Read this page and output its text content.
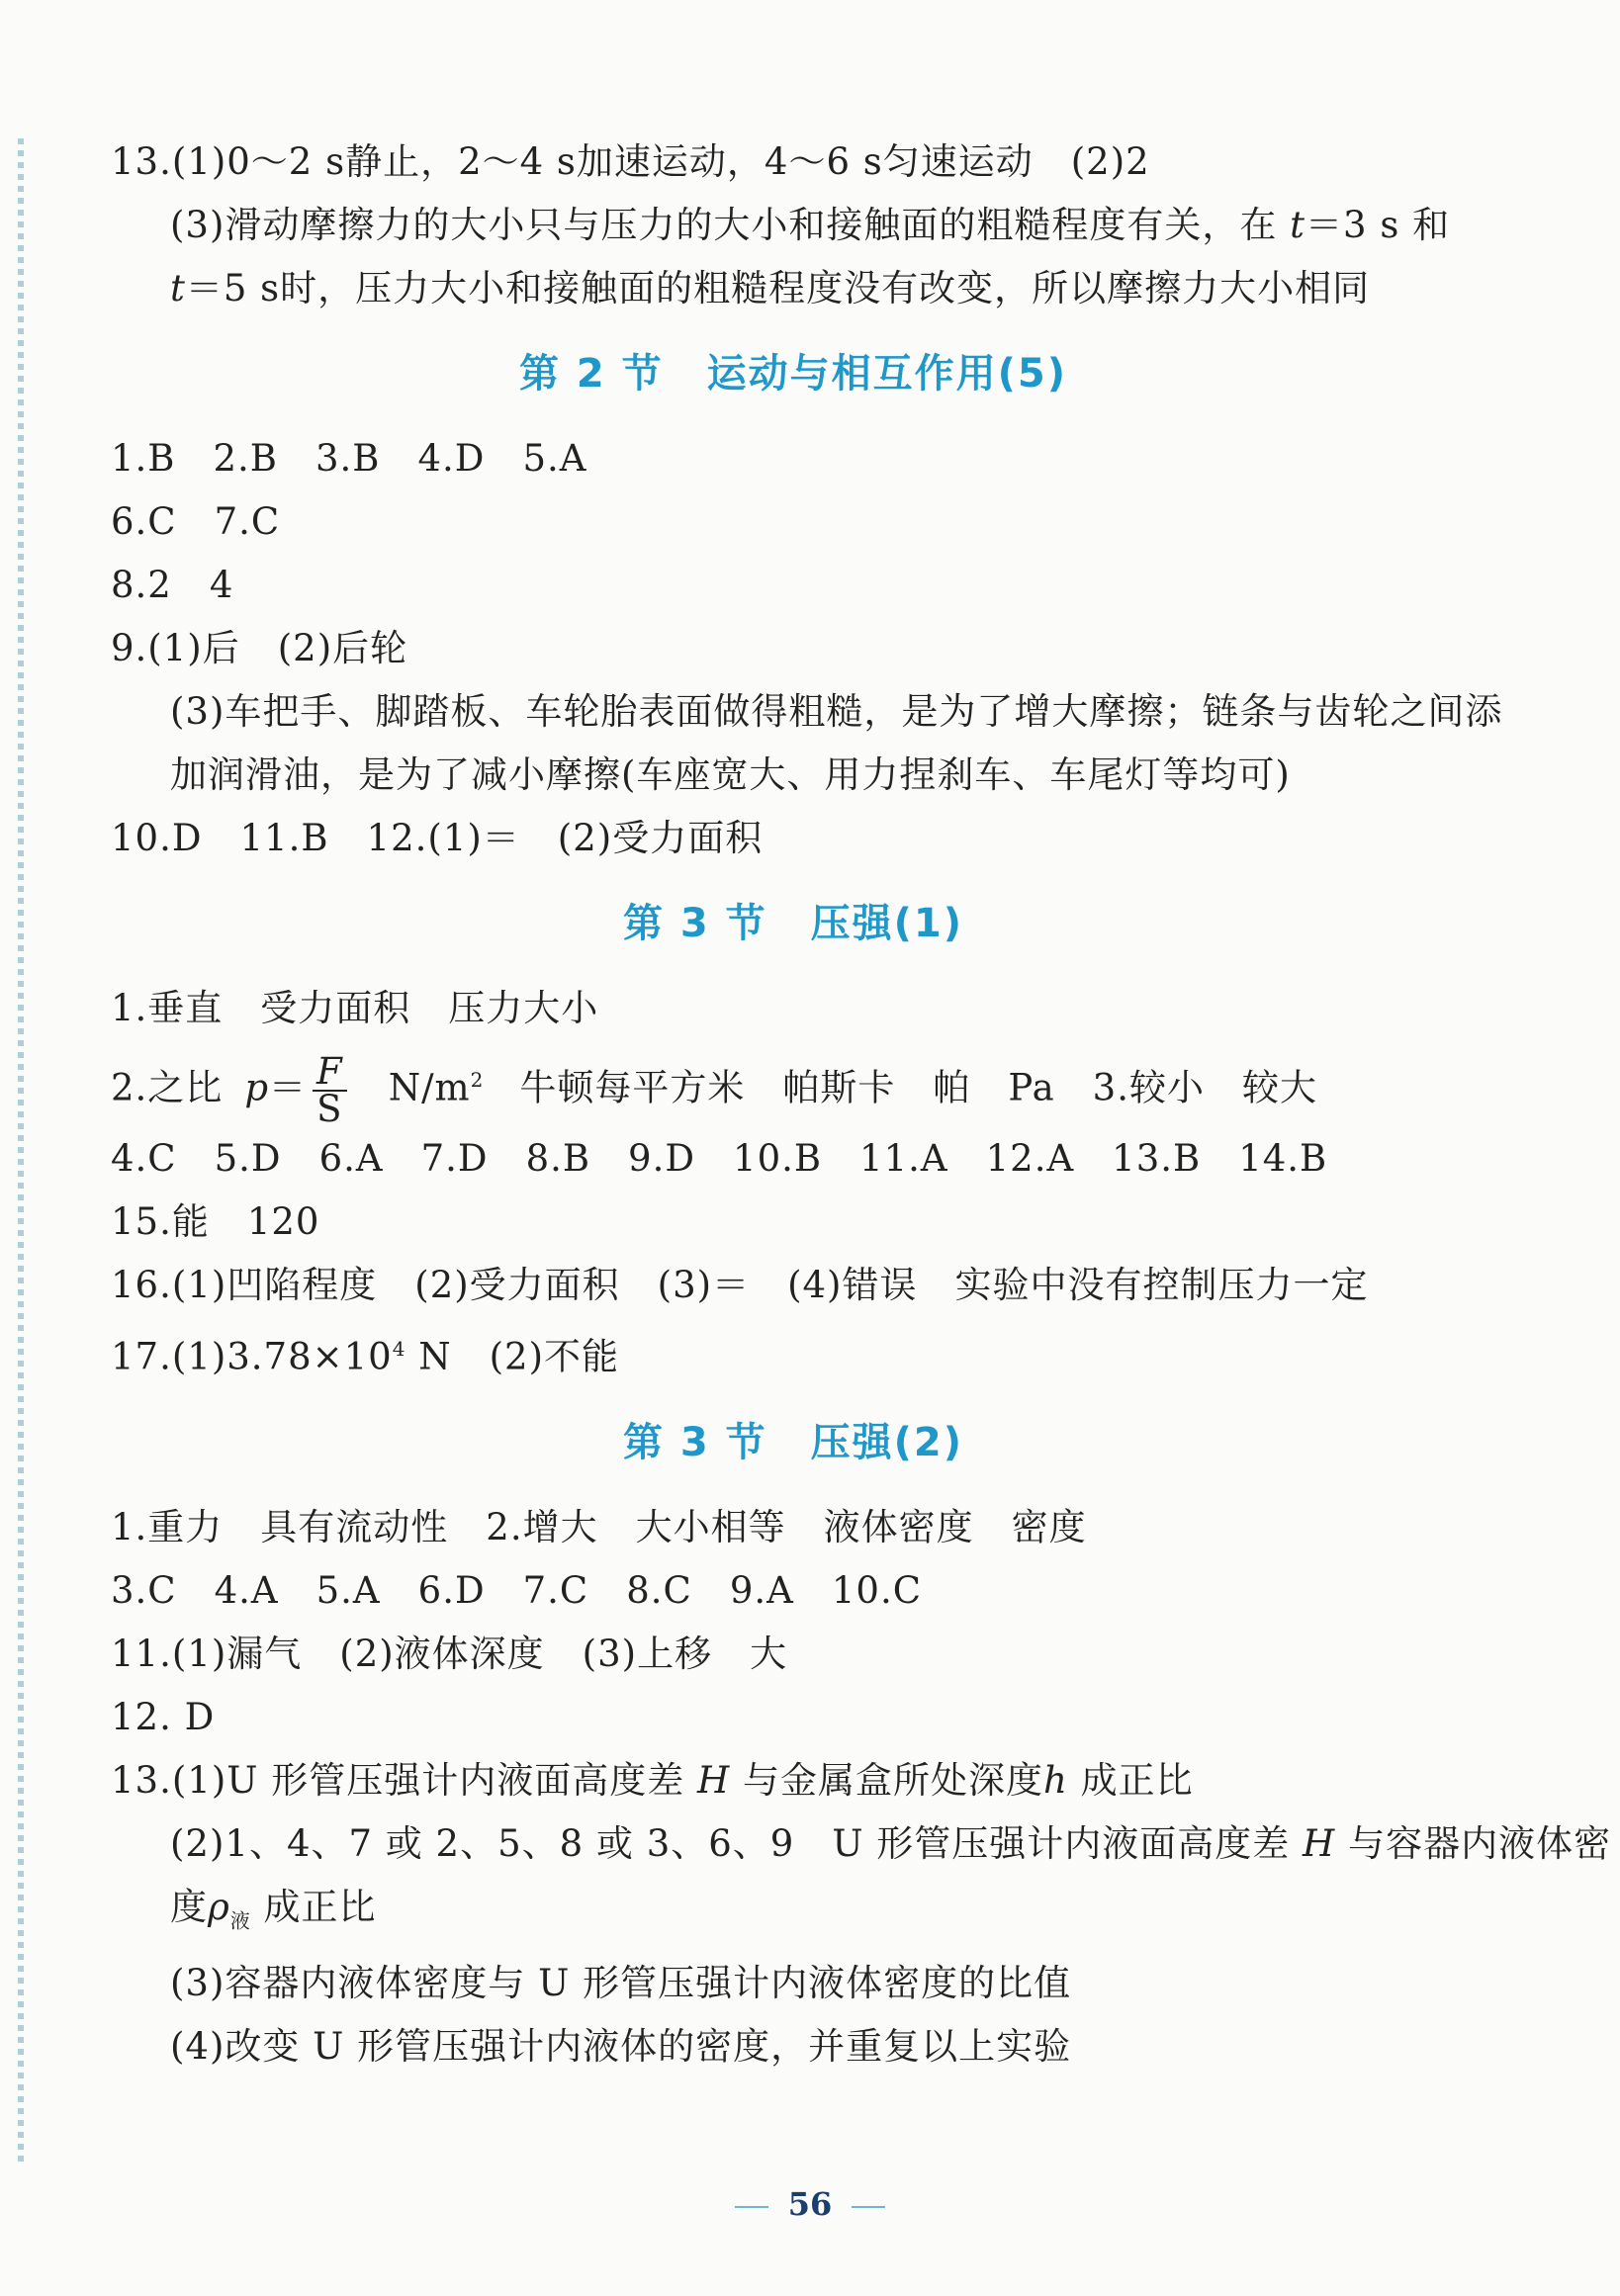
13.(1)0～2 s静止，2～4 s加速运动，4～6 s匀速运动　(2)2
(3)滑动摩擦力的大小只与压力的大小和接触面的粗糙程度有关，在 t＝3 s 和
t＝5 s时，压力大小和接触面的粗糙程度没有改变，所以摩擦力大小相同
第 2 节 运动与相互作用(5)
1.B　2.B　3.B　4.D　5.A
6.C　7.C
8.2　4
9.(1)后　(2)后轮
(3)车把手、脚踏板、车轮胎表面做得粗糙，是为了增大摩擦；链条与齿轮之间添
加润滑油，是为了减小摩擦(车座宽大、用力捏刹车、车尾灯等均可)
10.D　11.B　12.(1)＝　(2)受力面积
第 3 节 压强(1)
1.垂直　受力面积　压力大小
2.之比 $p= \frac{F}{S} N/m^2$ 牛顿每平方米　帕斯卡　帕　Pa　3.较小　较大
4.C　5.D　6.A　7.D　8.B　9.D　10.B　11.A　12.A　13.B　14.B
15.能　120
16.(1)凹陷程度　(2)受力面积　(3)＝　(4)错误　实验中没有控制压力一定
$17.(1)3.78\times 10^4$ N　(2)不能
第 3 节 压强(2)
1.重力　具有流动性　2.增大　大小相等　液体密度　密度
3.C　4.A　5.A　6.D　7.C　8.C　9.A　10.C
11.(1)漏气　(2)液体深度　(3)上移　大
12. D
13.(1)U 形管压强计内液面高度差 H 与金属盒所处深度h 成正比
(2)1、4、7 或 2、5、8 或 3、6、9　U 形管压强计内液面高度差 H 与容器内液体密
度$\rho_液$ 成正比
(3)容器内液体密度与 U 形管压强计内液体密度的比值
(4)改变 U 形管压强计内液体的密度，并重复以上实验
56
